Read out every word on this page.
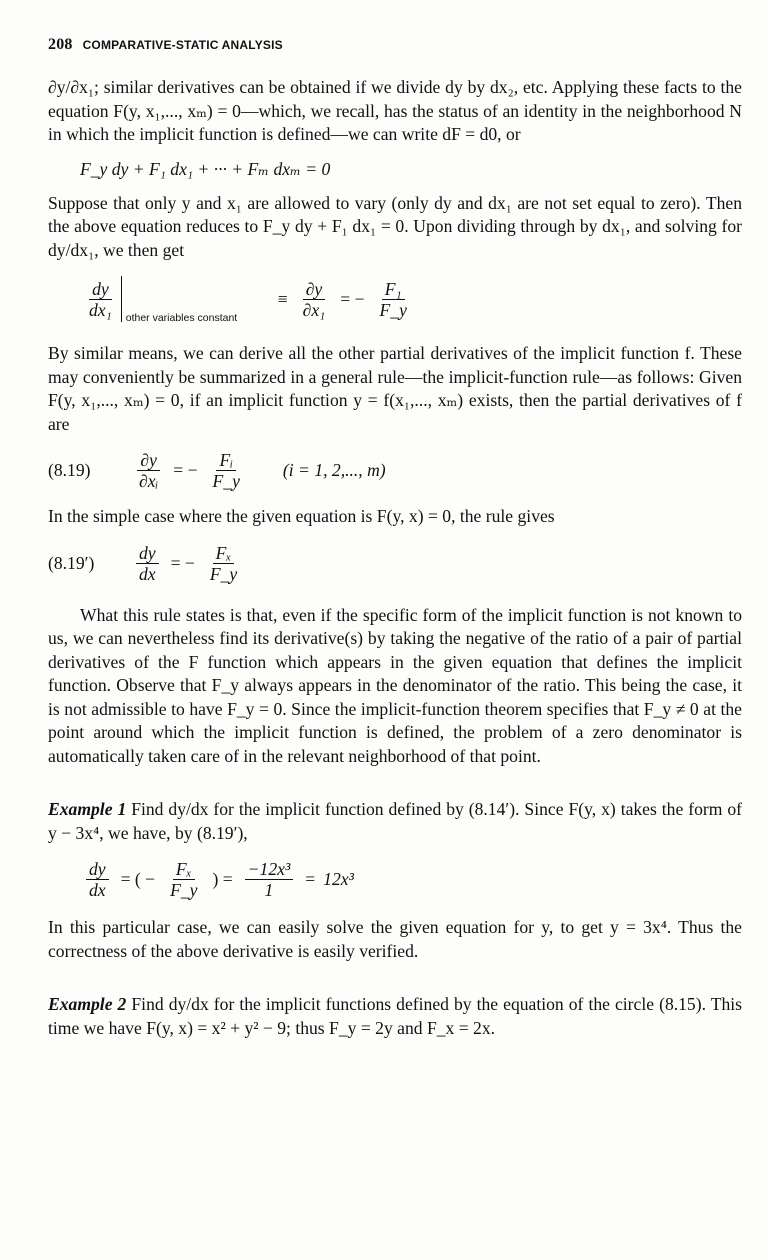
208 COMPARATIVE-STATIC ANALYSIS

∂y/∂x₁; similar derivatives can be obtained if we divide dy by dx₂, etc. Applying these facts to the equation F(y, x₁,..., xₘ) = 0—which, we recall, has the status of an identity in the neighborhood N in which the implicit function is defined—we can write dF = d0, or

F_y dy + F₁ dx₁ + ··· + Fₘ dxₘ = 0

Suppose that only y and x₁ are allowed to vary (only dy and dx₁ are not set equal to zero). Then the above equation reduces to F_y dy + F₁ dx₁ = 0. Upon dividing through by dx₁, and solving for dy/dx₁, we then get

$\frac{dy}{\text{dx₁}}$ other variables constant
≡ $\frac{\partial y}{\text{∂x₁}}$ = − $\frac{\text{F₁}}{F\_y}$

By similar means, we can derive all the other partial derivatives of the implicit function f. These may conveniently be summarized in a general rule—the implicit-function rule—as follows: Given F(y, x₁,..., xₘ) = 0, if an implicit function y = f(x₁,..., xₘ) exists, then the partial derivatives of f are

(8.19)	$\frac{\partial y}{\text{∂xᵢ}}$ = − $\frac{\text{Fᵢ}}{F\_y} (i = 1$, 2,..., m)

In the simple case where the given equation is F(y, x) = 0, the rule gives

(8.19′)	$\frac{dy}{dx}$ = − $\frac{\text{Fₓ}}{F\_y}$

What this rule states is that, even if the specific form of the implicit function is not known to us, we can nevertheless find its derivative(s) by taking the negative of the ratio of a pair of partial derivatives of the F function which appears in the given equation that defines the implicit function. Observe that F_y always appears in the denominator of the ratio. This being the case, it is not admissible to have F_y = 0. Since the implicit-function theorem specifies that F_y ≠ 0 at the point around which the implicit function is defined, the problem of a zero denominator is automatically taken care of in the relevant neighborhood of that point.

Example 1 Find dy/dx for the implicit function defined by (8.14′). Since F(y, x) takes the form of y − 3x⁴, we have, by (8.19′),

$\frac{dy}{dx}$ = ( − $\frac{\text{Fₓ}}{F\_y}$ ) = $\frac{\text{−12x³}}{1} = 12x^3$

In this particular case, we can easily solve the given equation for y, to get y = 3x⁴. Thus the correctness of the above derivative is easily verified.

Example 2 Find dy/dx for the implicit functions defined by the equation of the circle (8.15). This time we have F(y, x) = x² + y² − 9; thus F_y = 2y and F_x = 2x.
